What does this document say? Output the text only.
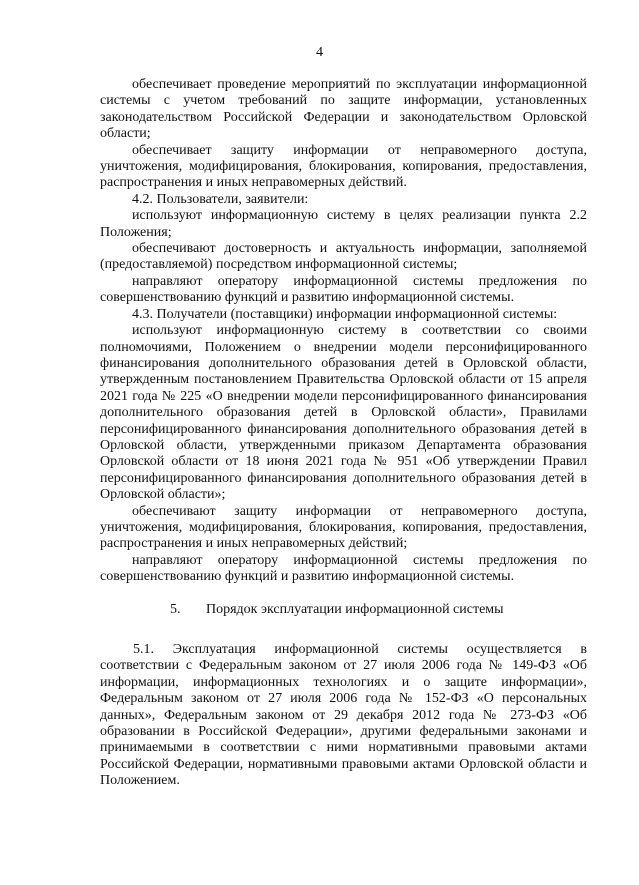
4

обеспечивает проведение мероприятий по эксплуатации информационной системы с учетом требований по защите информации, установленных законодательством Российской Федерации и законодательством Орловской области;

обеспечивает защиту информации от неправомерного доступа, уничтожения, модифицирования, блокирования, копирования, предоставления, распространения и иных неправомерных действий.

4.2. Пользователи, заявители:

используют информационную систему в целях реализации пункта 2.2 Положения;

обеспечивают достоверность и актуальность информации, заполняемой (предоставляемой) посредством информационной системы;

направляют оператору информационной системы предложения по совершенствованию функций и развитию информационной системы.

4.3. Получатели (поставщики) информации информационной системы:

используют информационную систему в соответствии со своими полномочиями, Положением о внедрении модели персонифицированного финансирования дополнительного образования детей в Орловской области, утвержденным постановлением Правительства Орловской области от 15 апреля 2021 года № 225 «О внедрении модели персонифицированного финансирования дополнительного образования детей в Орловской области», Правилами персонифицированного финансирования дополнительного образования детей в Орловской области, утвержденными приказом Департамента образования Орловской области от 18 июня 2021 года № 951 «Об утверждении Правил персонифицированного финансирования дополнительного образования детей в Орловской области»;

обеспечивают защиту информации от неправомерного доступа, уничтожения, модифицирования, блокирования, копирования, предоставления, распространения и иных неправомерных действий;

направляют оператору информационной системы предложения по совершенствованию функций и развитию информационной системы.

5. Порядок эксплуатации информационной системы

5.1. Эксплуатация информационной системы осуществляется в соответствии с Федеральным законом от 27 июля 2006 года № 149-ФЗ «Об информации, информационных технологиях и о защите информации», Федеральным законом от 27 июля 2006 года № 152-ФЗ «О персональных данных», Федеральным законом от 29 декабря 2012 года № 273-ФЗ «Об образовании в Российской Федерации», другими федеральными законами и принимаемыми в соответствии с ними нормативными правовыми актами Российской Федерации, нормативными правовыми актами Орловской области и Положением.
